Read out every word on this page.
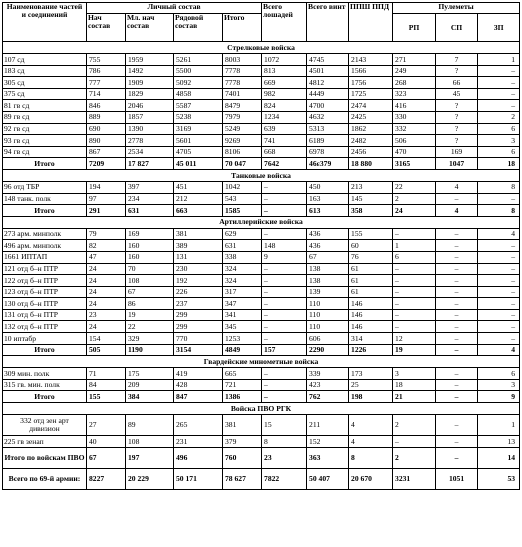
Наименование частей и соединений	Личный состав				Всего лошадей	Всего винт	ППШ ППД	Пулеметы		
	Нач состав	Мл. нач состав	Рядовой состав	Итого				РП	СП	ЗП
Стрелковые войска										
107 сд	755	1959	5261	8003	1072	4745	2143	271	7	1
183 сд	786	1492	5500	7778	813	4501	1566	249	?	–
305 сд	777	1909	5092	7778	669	4812	1756	268	66	–
375 сд	714	1829	4858	7401	982	4449	1725	323	45	–
81 гв сд	846	2046	5587	8479	824	4700	2474	416	?	–
89 гв сд	889	1857	5238	7979	1234	4632	2425	330	?	2
92 гв сд	690	1390	3169	5249	639	5313	1862	332	?	6
93 гв сд	890	2778	5601	9269	741	6189	2482	506	?	3
94 гв сд	867	2534	4705	8106	668	6978	2456	470	169	6
Итого	7209	17 827	45 011	70 047	7642	46ε379	18 880	3165	1047	18
Танковые войска										
96 отд ТБР	194	397	451	1042	–	450	213	22	4	8
148 танк. полк	97	234	212	543	–	163	145	2	–	–
Итого	291	631	663	1585	–	613	358	24	4	8
Артиллерийские войска										
273 арм. минполк	79	169	381	629	–	436	155	–	–	4
496 арм. минполк	82	160	389	631	148	436	60	1	–	–
1661 ИПТАП	47	160	131	338	9	67	76	6	–	–
121 отд б–н ПТР	24	70	230	324	–	138	61	–	–	–
122 отд б–н ПТР	24	108	192	324	–	138	61	–	–	–
123 отд б–н ПТР	24	67	226	317	–	139	61	–	–	–
130 отд б–н ПТР	24	86	237	347	–	110	146	–	–	–
131 отд б–н ПТР	23	19	299	341	–	110	146	–	–	–
132 отд б–н ПТР	24	22	299	345	–	110	146	–	–	–
10 иптабр	154	329	770	1253	–	606	314	12	–	–
Итого	505	1190	3154	4849	157	2290	1226	19	–	4
Гвардейские минометные войска										
309 мин. полк	71	175	419	665	–	339	173	3	–	6
315 гв. мин. полк	84	209	428	721	–	423	25	18	–	3
Итого	155	384	847	1386	–	762	198	21	–	9
Войска ПВО РГК										
332 отд зен арт дивизион	27	89	265	381	15	211	4	2	–	1
225 гв зенап	40	108	231	379	8	152	4	–	–	13
Итого по войскам ПВО	67	197	496	760	23	363	8	2	–	14
Всего по 69-й армии:	8227	20 229	50 171	78 627	7822	50 407	20 670	3231	1051	53
